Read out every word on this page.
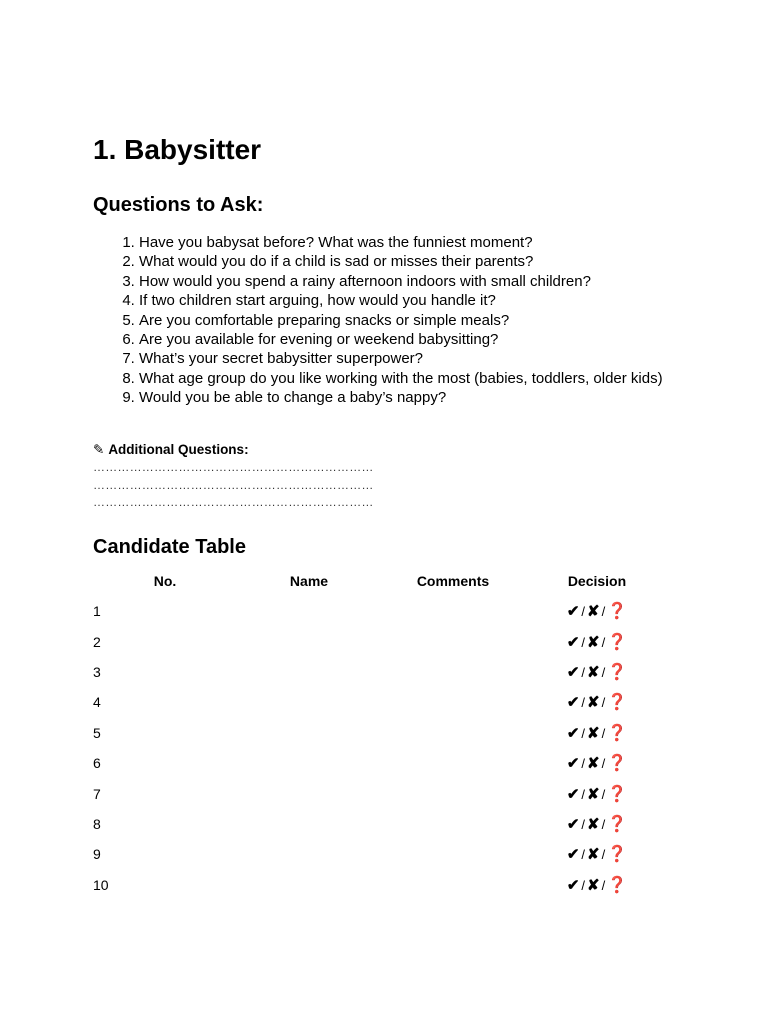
1. Babysitter
Questions to Ask:
1. Have you babysat before? What was the funniest moment?
2. What would you do if a child is sad or misses their parents?
3. How would you spend a rainy afternoon indoors with small children?
4. If two children start arguing, how would you handle it?
5. Are you comfortable preparing snacks or simple meals?
6. Are you available for evening or weekend babysitting?
7. What’s your secret babysitter superpower?
8. What age group do you like working with the most (babies, toddlers, older kids)
9. Would you be able to change a baby’s nappy?
✎ Additional Questions:
……………………………………………………………
……………………………………………………………
……………………………………………………………
Candidate Table
No.	Name	Comments	Decision
1			✔ / ✘ / ❓
2			✔ / ✘ / ❓
3			✔ / ✘ / ❓
4			✔ / ✘ / ❓
5			✔ / ✘ / ❓
6			✔ / ✘ / ❓
7			✔ / ✘ / ❓
8			✔ / ✘ / ❓
9			✔ / ✘ / ❓
10			✔ / ✘ / ❓
